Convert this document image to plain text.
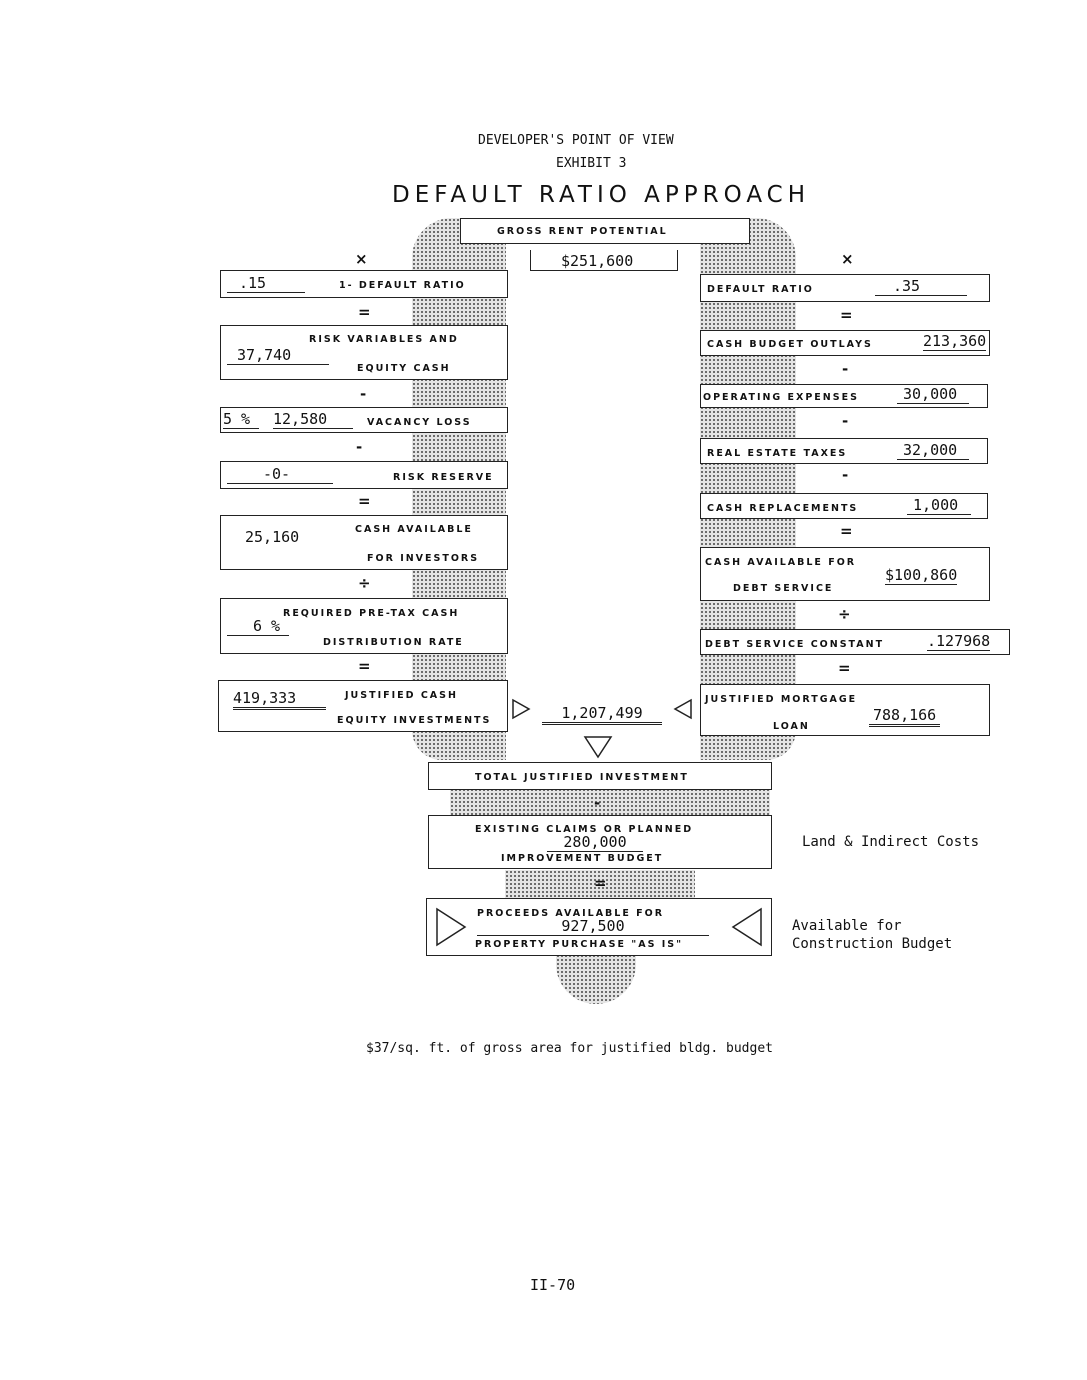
DEVELOPER'S POINT OF VIEW
EXHIBIT 3
DEFAULT RATIO APPROACH
GROSS RENT POTENTIAL
$251,600
×	×
.15	1- DEFAULT RATIO
=
RISK VARIABLES AND
37,740
EQUITY CASH
-
5 %	12,580	VACANCY LOSS
-
-0-	RISK RESERVE
=
CASH AVAILABLE
25,160
FOR INVESTORS
÷
REQUIRED PRE-TAX CASH
6 %
DISTRIBUTION RATE
=
419,333	JUSTIFIED CASH
EQUITY INVESTMENTS
DEFAULT RATIO	.35
=
CASH BUDGET OUTLAYS	213,360
-
OPERATING EXPENSES	30,000
-
REAL ESTATE TAXES	32,000
-
CASH REPLACEMENTS	1,000
=
CASH AVAILABLE FOR
$100,860
DEBT SERVICE
÷
DEBT SERVICE CONSTANT	.127968
=
JUSTIFIED MORTGAGE
788,166
LOAN
1,207,499
TOTAL JUSTIFIED INVESTMENT
-
EXISTING CLAIMS OR PLANNED
280,000
IMPROVEMENT BUDGET
Land & Indirect Costs
=
PROCEEDS AVAILABLE FOR
927,500
PROPERTY PURCHASE "AS IS"
Available for
Construction Budget
$37/sq. ft. of gross area for justified bldg. budget
II-70
